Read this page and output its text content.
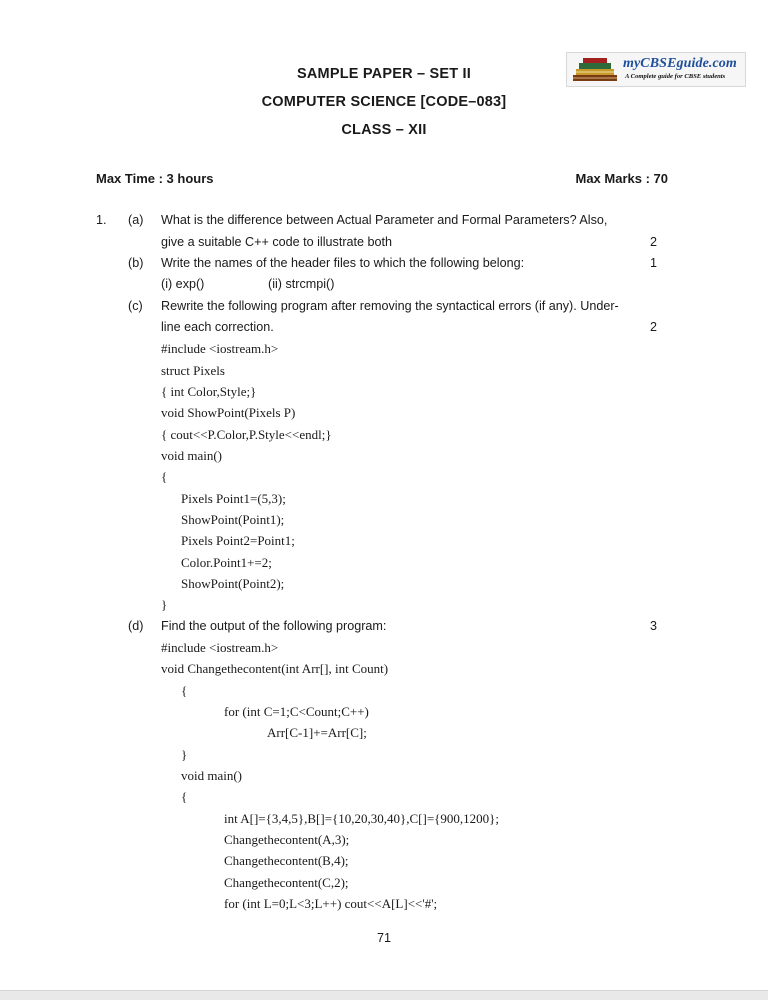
myCBSEguide.com
A Complete guide for CBSE students
SAMPLE PAPER – SET II
COMPUTER SCIENCE [CODE–083]
CLASS – XII
Max Time : 3 hours	Max Marks : 70
1. (a) What is the difference between Actual Parameter and Formal Parameters? Also,
give a suitable C++ code to illustrate both	2
(b) Write the names of the header files to which the following belong:	1
(i) exp()	(ii) strcmpi()
(c) Rewrite the following program after removing the syntactical errors (if any). Under-
line each correction.	2
#include <iostream.h>
struct Pixels
{ int Color,Style;}
void ShowPoint(Pixels P)
{ cout<<P.Color,P.Style<<endl;}
void main()
{
Pixels Point1=(5,3);
ShowPoint(Point1);
Pixels Point2=Point1;
Color.Point1+=2;
ShowPoint(Point2);
}
(d) Find the output of the following program:	3
#include <iostream.h>
void Changethecontent(int Arr[], int Count)
{
for (int C=1;C<Count;C++)
Arr[C-1]+=Arr[C];
}
void main()
{
int A[]={3,4,5},B[]={10,20,30,40},C[]={900,1200};
Changethecontent(A,3);
Changethecontent(B,4);
Changethecontent(C,2);
for (int L=0;L<3;L++) cout<<A[L]<<'#';
71
